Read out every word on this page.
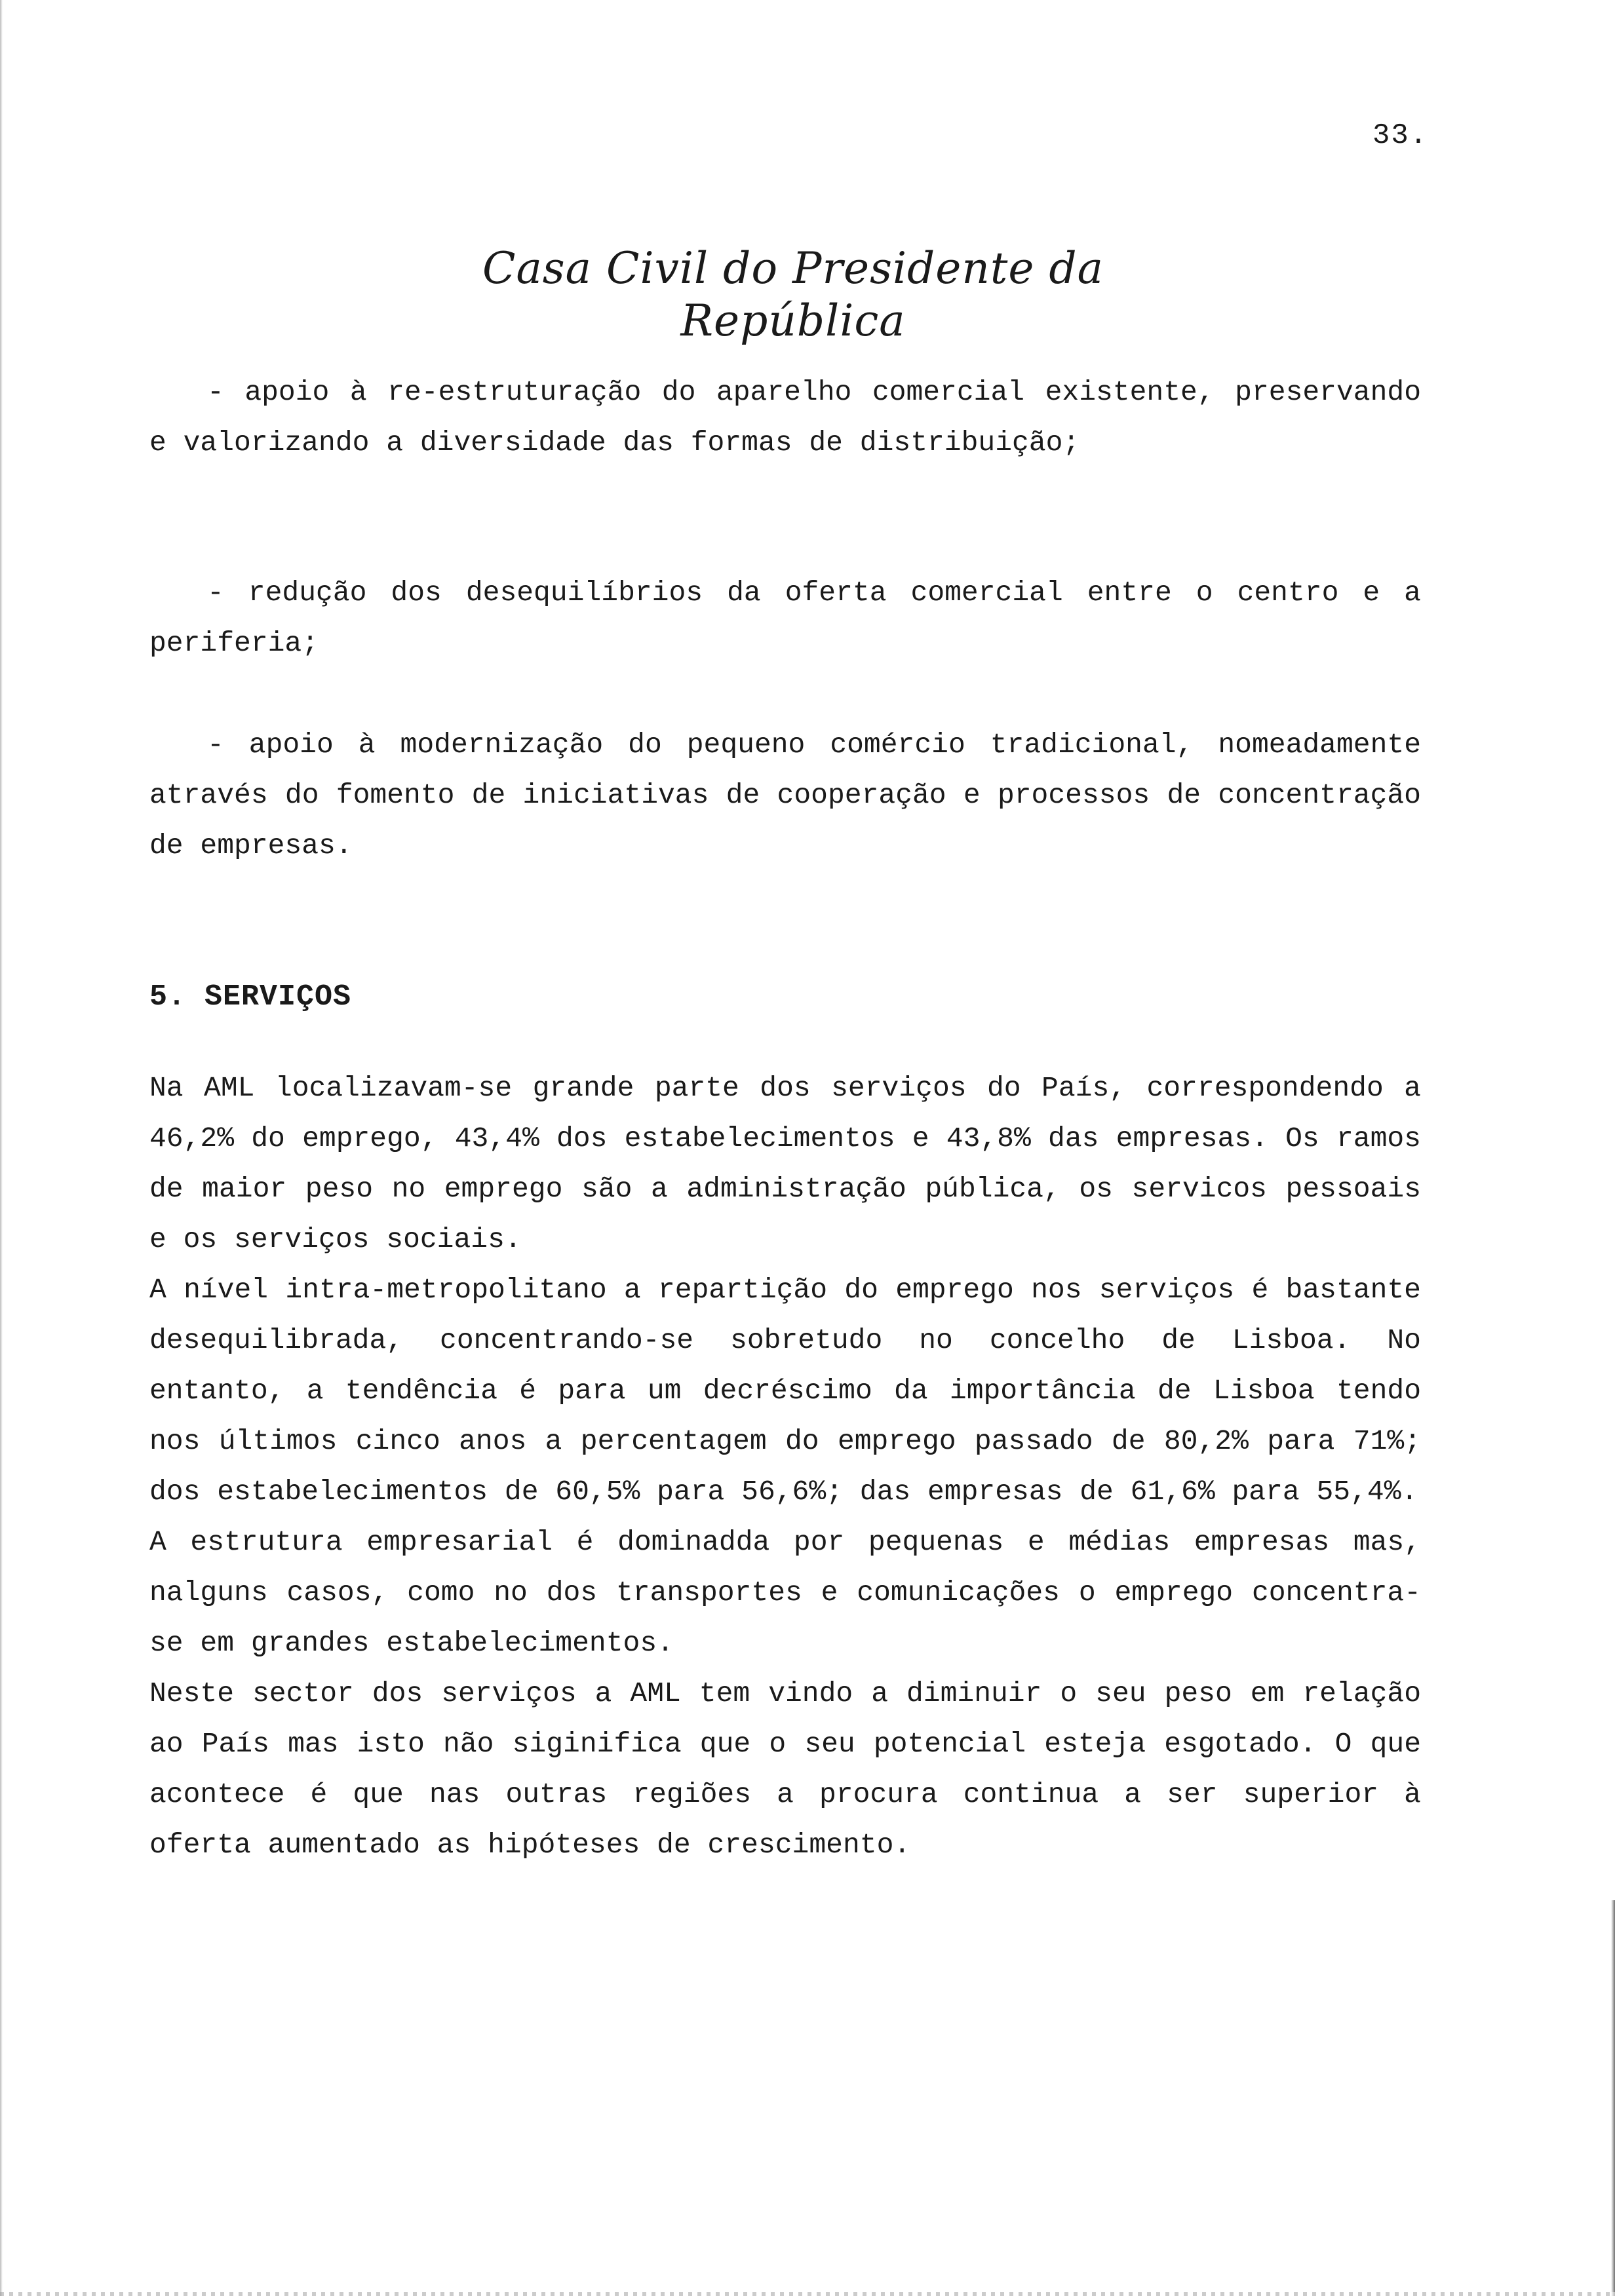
33.
Casa Civil do Presidente da República

- apoio à re-estruturação do aparelho comercial existente, preservando e valorizando a diversidade das formas de distribuição;

- redução dos desequilíbrios da oferta comercial entre o centro e a periferia;

- apoio à modernização do pequeno comércio tradicional, nomeadamente através do fomento de iniciativas de cooperação e processos de concentração de empresas.

5. SERVIÇOS

Na AML localizavam-se grande parte dos serviços do País, correspondendo a 46,2% do emprego, 43,4% dos estabelecimentos e 43,8% das empresas. Os ramos de maior peso no emprego são a administração pública, os servicos pessoais e os serviços sociais.

A nível intra-metropolitano a repartição do emprego nos serviços é bastante desequilibrada, concentrando-se sobretudo no concelho de Lisboa. No entanto, a tendência é para um decréscimo da importância de Lisboa tendo nos últimos cinco anos a percentagem do emprego passado de 80,2% para 71%; dos estabelecimentos de 60,5% para 56,6%; das empresas de 61,6% para 55,4%.

A estrutura empresarial é dominadda por pequenas e médias empresas mas, nalguns casos, como no dos transportes e comunicações o emprego concentra-se em grandes estabelecimentos.

Neste sector dos serviços a AML tem vindo a diminuir o seu peso em relação ao País mas isto não siginifica que o seu potencial esteja esgotado. O que acontece é que nas outras regiões a procura continua a ser superior à oferta aumentado as hipóteses de crescimento.
